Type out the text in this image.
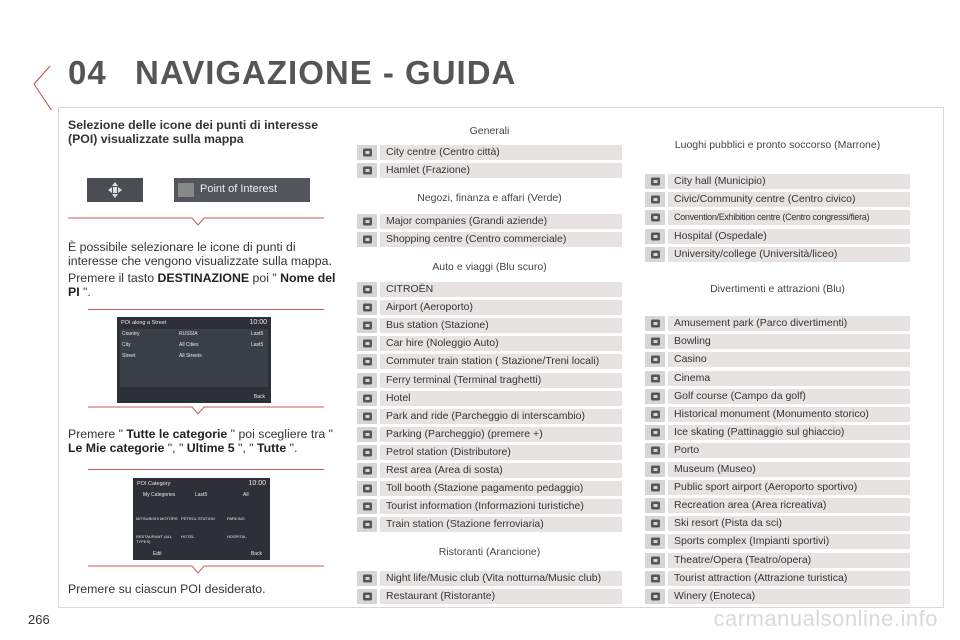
04 NAVIGAZIONE - GUIDA
Selezione delle icone dei punti di interesse (POI) visualizzate sulla mappa
Point of Interest
È possibile selezionare le icone di punti di interesse che vengono visualizzate sulla mappa.
Premere il tasto DESTINAZIONE poi " Nome del PI ".
POI along a Street	10:00
Country	RUSSIA	Last5
City	All Cities	Last5
Street	All Streets
Back
Premere " Tutte le categorie " poi scegliere tra " Le Mie categorie ", " Ultime 5 ", " Tutte ".
POI Category	10:00
My Categories	Last5	All
MITSUBISHI MOTORS PETROL STATION	PARKING
RESTAURANT (ALL TYPES)
HOTEL	HOSPITAL
Edit	Back
Premere su ciascun POI desiderato.
Generali
City centre (Centro città)
Hamlet (Frazione)
Negozi, finanza e affari (Verde)
Major companies (Grandi aziende)
Shopping centre (Centro commerciale)
Auto e viaggi (Blu scuro)
CITROËN
Airport (Aeroporto)
Bus station (Stazione)
Car hire (Noleggio Auto)
Commuter train station ( Stazione/Treni locali)
Ferry terminal (Terminal traghetti)
Hotel
Park and ride (Parcheggio di interscambio)
Parking (Parcheggio) (premere +)
Petrol station (Distributore)
Rest area (Area di sosta)
Toll booth (Stazione pagamento pedaggio)
Tourist information (Informazioni turistiche)
Train station (Stazione ferroviaria)
Ristoranti (Arancione)
Night life/Music club (Vita notturna/Music club)
Restaurant (Ristorante)
Luoghi pubblici e pronto soccorso (Marrone)
City hall (Municipio)
Civic/Community centre (Centro civico)
Convention/Exhibition centre (Centro congressi/fiera)
Hospital (Ospedale)
University/college (Università/liceo)
Divertimenti e attrazioni (Blu)
Amusement park (Parco divertimenti)
Bowling
Casino
Cinema
Golf course (Campo da golf)
Historical monument (Monumento storico)
Ice skating (Pattinaggio sul ghiaccio)
Porto
Museum (Museo)
Public sport airport (Aeroporto sportivo)
Recreation area (Area ricreativa)
Ski resort (Pista da sci)
Sports complex (Impianti sportivi)
Theatre/Opera (Teatro/opera)
Tourist attraction (Attrazione turistica)
Winery (Enoteca)
266	carmanualsonline.info
